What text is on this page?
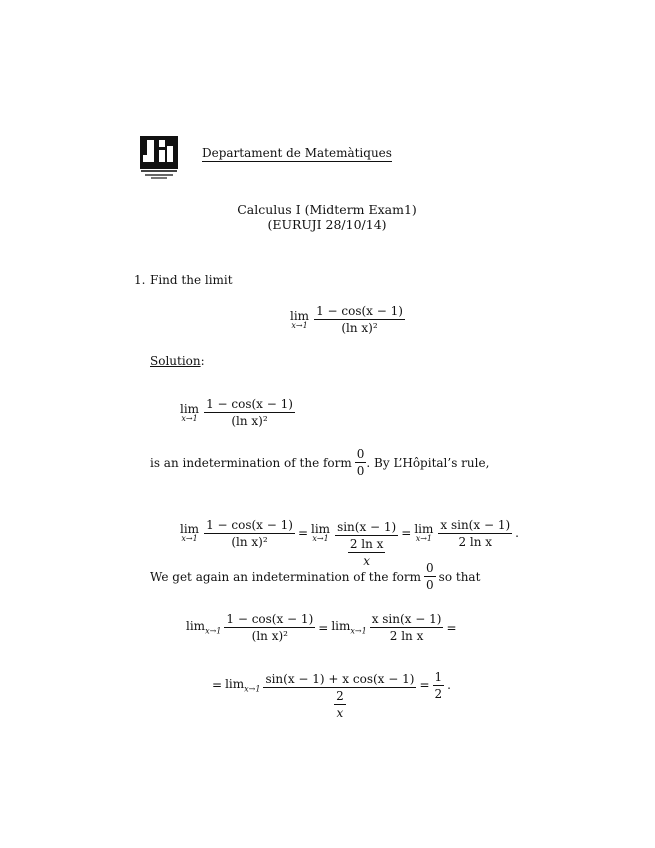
Departament de Matemàtiques
Calculus I (Midterm Exam1)
(EURUJI 28/10/14)
1. Find the limit
lim
$x\to 1 \frac{1 - \cos(x - 1)}{\text{(ln x)²}}$
Solution:
lim
$x\to 1 \frac{1 - \cos(x - 1)}{\text{(ln x)²}}$
is an indetermination of the form $\frac{0}{0}$ . By L’Hôpital’s rule,
lim
$x\to 1 \frac{1 - \cos(x - 1)}{\text{(ln x)²}} = \lim$
$x\to 1 \frac{\sin(x - 1)}{\frac{\text{2 ln x}}{x}} = \lim$
$x\to 1 \frac{\text{x sin(x − 1)}}{\text{2 ln x}}$ .
We get again an indetermination of the form $\frac{0}{0}$ so that
$\lim_{x\to 1} \frac{1 - \cos(x - 1)}{\text{(ln x)²}} = \lim_{x\to 1} \frac{\text{x sin(x − 1)}}{\text{2 ln x}}$ =
= $\lim_{x\to 1} \frac{\text{sin(x − 1) + x cos(x − 1)}}{\frac{2}{x}} = \frac{1}{2}$ .
